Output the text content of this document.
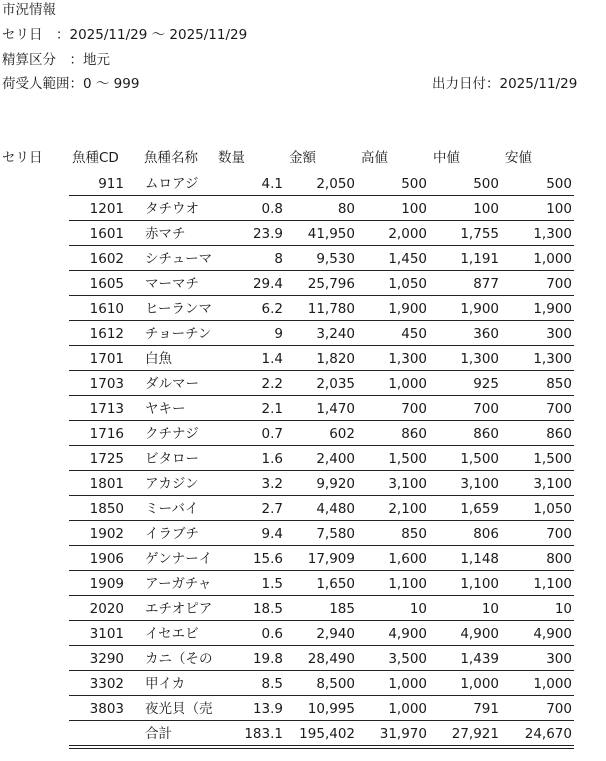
市況情報
セリ日　：2025/11/29 〜 2025/11/29
精算区分　：地元
荷受人範囲：0 〜 999	出力日付：2025/11/29
セリ日 魚種CD 魚種名称 数量	金額	高値	中値	安値
911 ムロアジ	4.1	2,050	500	500	500
1201 タチウオ	0.8	80	100	100	100
1601 赤マチ	23.9	41,950	2,000	1,755	1,300
1602 シチューマ	8	9,530	1,450	1,191	1,000
1605 マーマチ	29.4	25,796	1,050	877	700
1610 ヒーランマ	6.2	11,780	1,900	1,900	1,900
1612 チョーチン	9	3,240	450	360	300
1701 白魚	1.4	1,820	1,300	1,300	1,300
1703 ダルマー	2.2	2,035	1,000	925	850
1713 ヤキー	2.1	1,470	700	700	700
1716 クチナジ	0.7	602	860	860	860
1725 ビタロー	1.6	2,400	1,500	1,500	1,500
1801 アカジン	3.2	9,920	3,100	3,100	3,100
1850 ミーバイ	2.7	4,480	2,100	1,659	1,050
1902 イラブチ	9.4	7,580	850	806	700
1906 ゲンナーイ	15.6	17,909	1,600	1,148	800
1909 アーガチャ	1.5	1,650	1,100	1,100	1,100
2020 エチオピア	18.5	185	10	10	10
3101 イセエビ	0.6	2,940	4,900	4,900	4,900
3290 カニ（その	19.8	28,490	3,500	1,439	300
3302 甲イカ	8.5	8,500	1,000	1,000	1,000
3803 夜光貝（売	13.9	10,995	1,000	791	700
合計	183.1	195,402	31,970	27,921	24,670
